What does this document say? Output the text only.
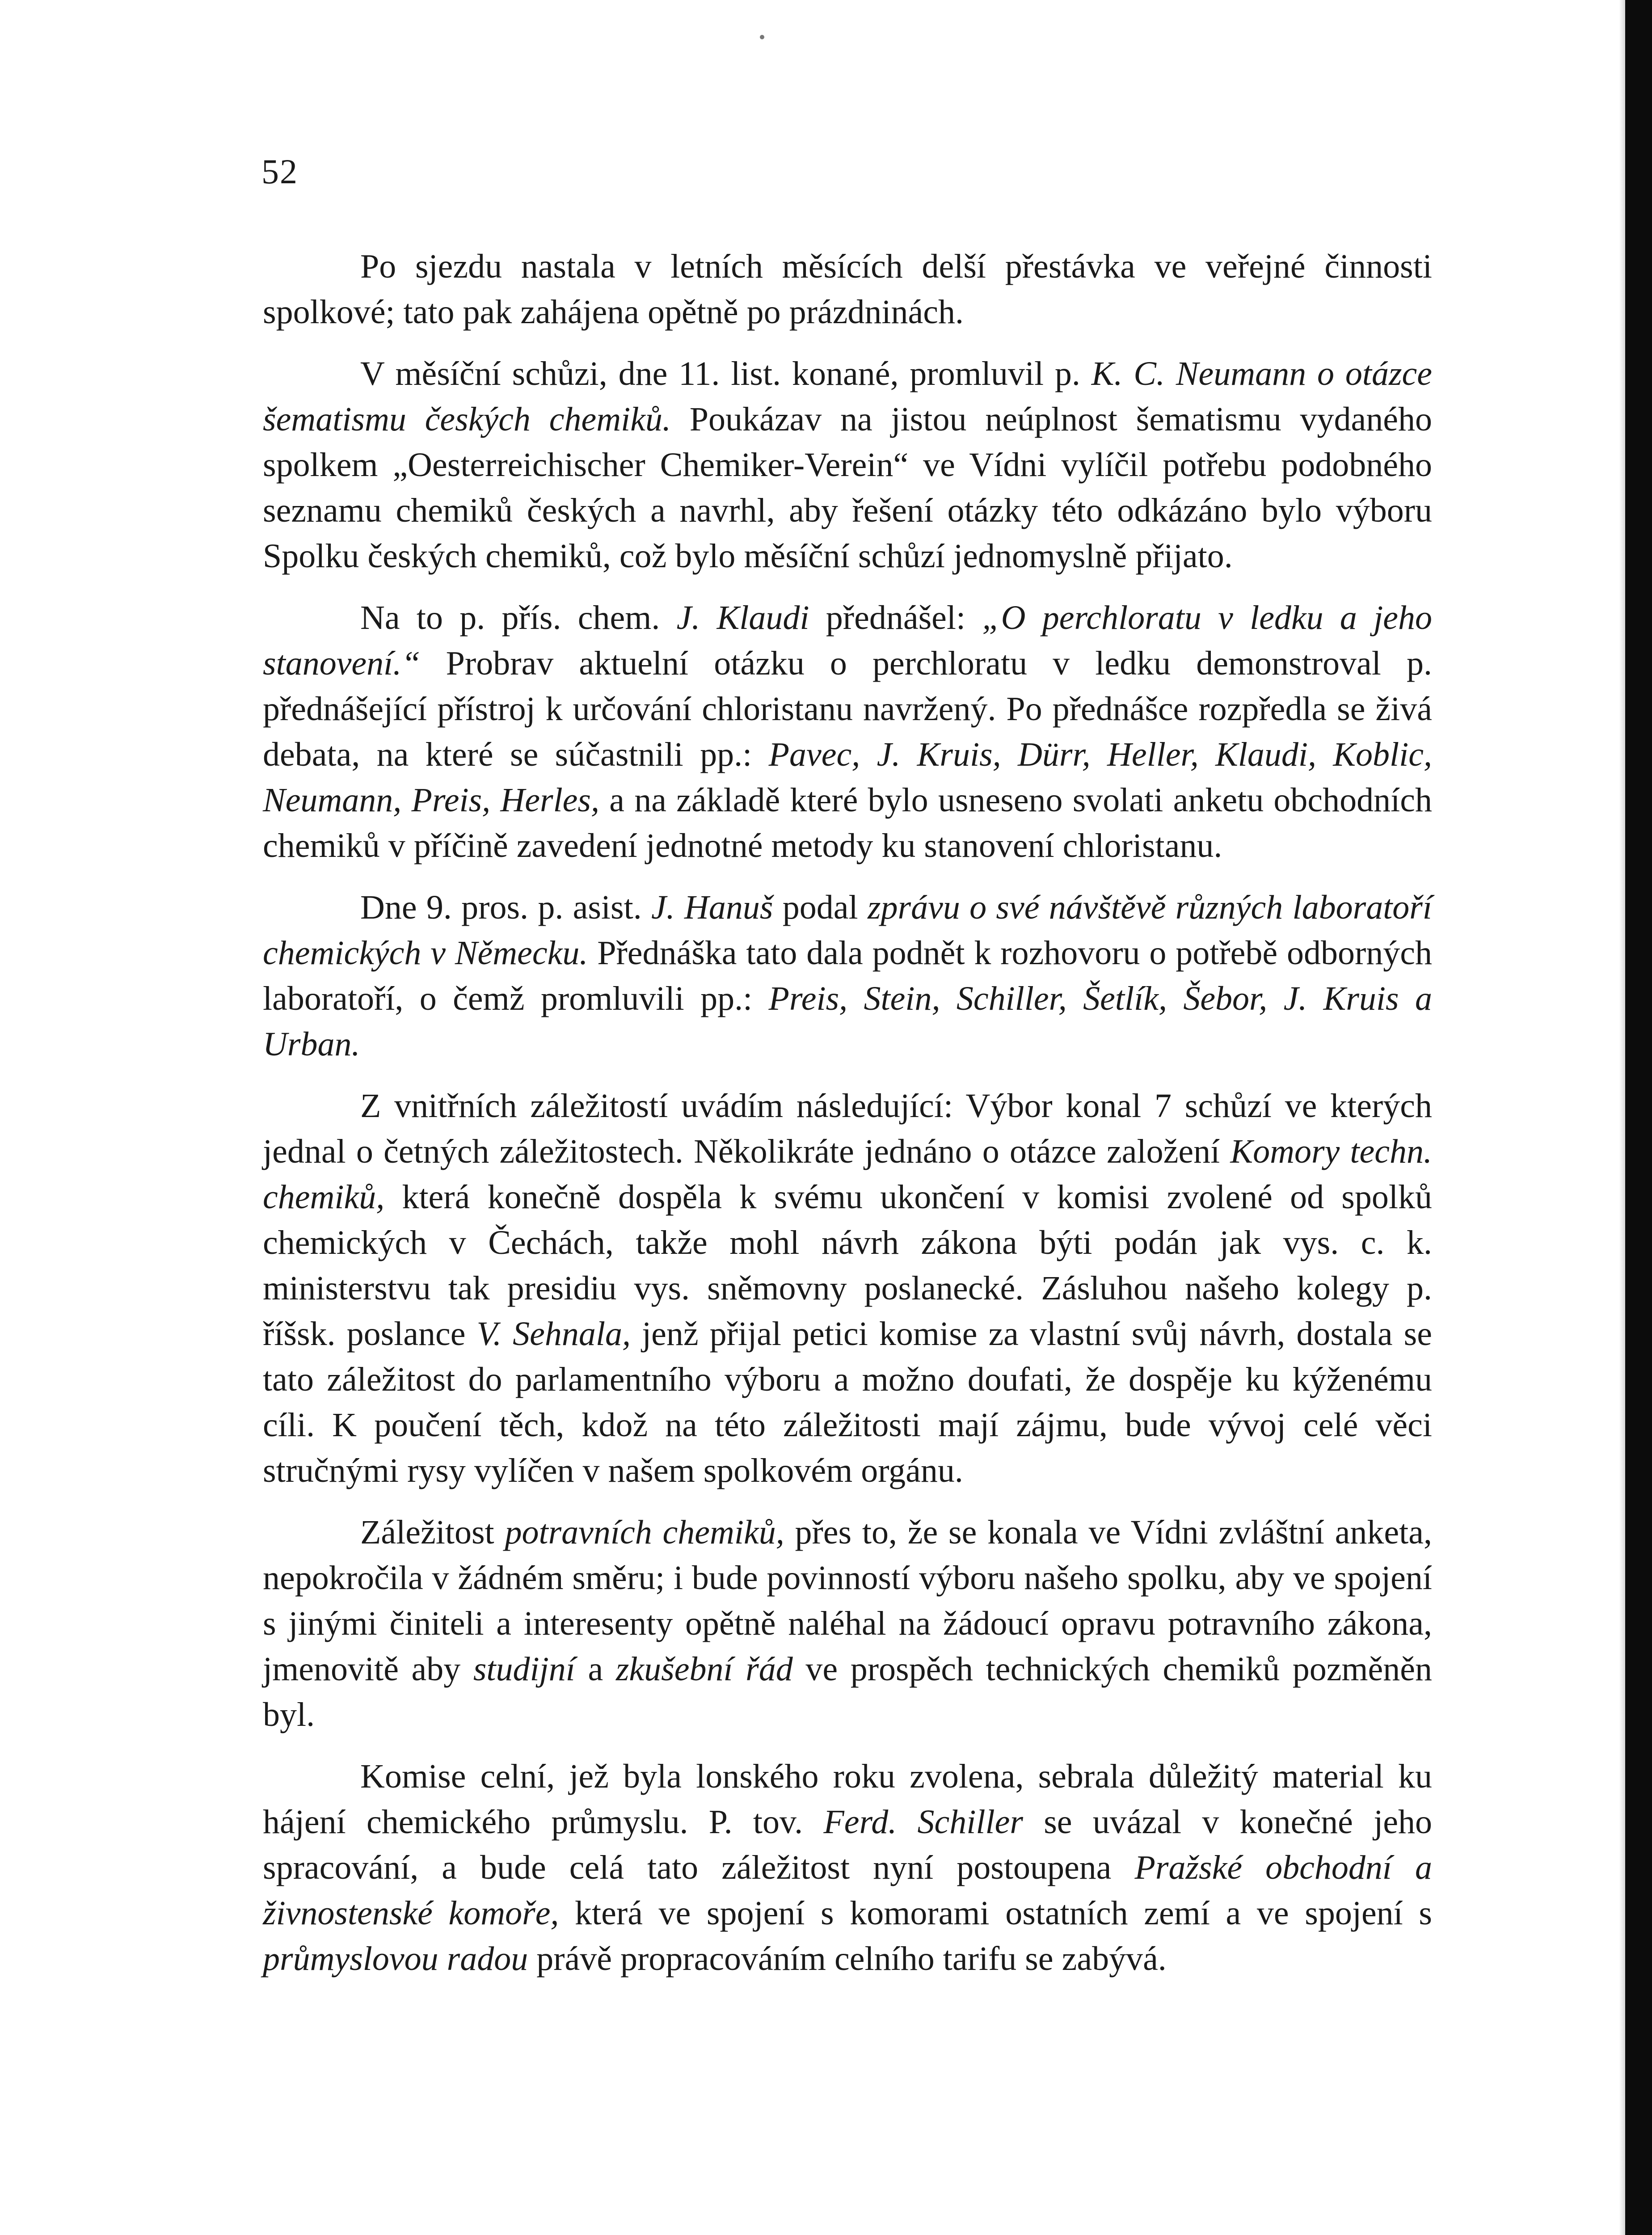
52

Po sjezdu nastala v letních měsících delší přestávka ve veřejné činnosti spolkové; tato pak zahájena opětně po prázdninách.

V měsíční schůzi, dne 11. list. konané, promluvil p. K. C. Neumann o otázce šematismu českých chemiků. Poukázav na jistou neúplnost šematismu vydaného spolkem „Oesterreichischer Chemiker-Verein“ ve Vídni vylíčil potřebu podobného seznamu chemiků českých a navrhl, aby řešení otázky této odkázáno bylo výboru Spolku českých chemiků, což bylo měsíční schůzí jednomyslně přijato.

Na to p. přís. chem. J. Klaudi přednášel: „O perchloratu v ledku a jeho stanovení.“ Probrav aktuelní otázku o perchloratu v ledku demonstroval p. přednášející přístroj k určování chloristanu navržený. Po přednášce rozpředla se živá debata, na které se súčastnili pp.: Pavec, J. Kruis, Dürr, Heller, Klaudi, Koblic, Neumann, Preis, Herles, a na základě které bylo usneseno svolati anketu obchodních chemiků v příčině zavedení jednotné metody ku stanovení chloristanu.

Dne 9. pros. p. asist. J. Hanuš podal zprávu o své návštěvě různých laboratoří chemických v Německu. Přednáška tato dala podnět k rozhovoru o potřebě odborných laboratoří, o čemž promluvili pp.: Preis, Stein, Schiller, Šetlík, Šebor, J. Kruis a Urban.

Z vnitřních záležitostí uvádím následující: Výbor konal 7 schůzí ve kterých jednal o četných záležitostech. Několikráte jednáno o otázce založení Komory techn. chemiků, která konečně dospěla k svému ukončení v komisi zvolené od spolků chemických v Čechách, takže mohl návrh zákona býti podán jak vys. c. k. ministerstvu tak presidiu vys. sněmovny poslanecké. Zásluhou našeho kolegy p. říšsk. poslance V. Sehnala, jenž přijal petici komise za vlastní svůj návrh, dostala se tato záležitost do parlamentního výboru a možno doufati, že dospěje ku kýženému cíli. K poučení těch, kdož na této záležitosti mají zájmu, bude vývoj celé věci stručnými rysy vylíčen v našem spolkovém orgánu.

Záležitost potravních chemiků, přes to, že se konala ve Vídni zvláštní anketa, nepokročila v žádném směru; i bude povinností výboru našeho spolku, aby ve spojení s jinými činiteli a interesenty opětně naléhal na žádoucí opravu potravního zákona, jmenovitě aby studijní a zkušební řád ve prospěch technických chemiků pozměněn byl.

Komise celní, jež byla lonského roku zvolena, sebrala důležitý material ku hájení chemického průmyslu. P. tov. Ferd. Schiller se uvázal v konečné jeho spracování, a bude celá tato záležitost nyní postoupena Pražské obchodní a živnostenské komoře, která ve spojení s komorami ostatních zemí a ve spojení s průmyslovou radou právě propracováním celního tarifu se zabývá.
